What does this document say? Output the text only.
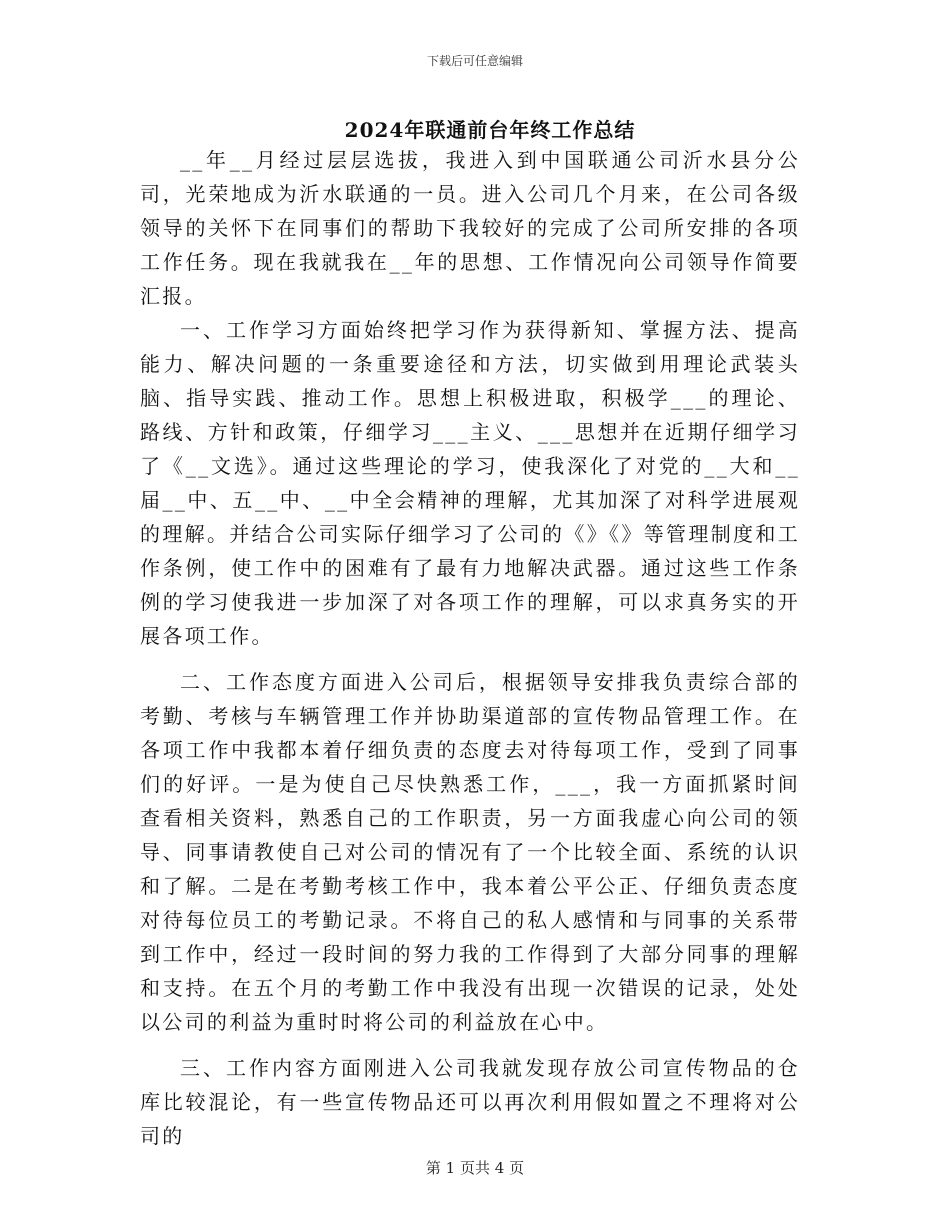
下载后可任意编辑
2024年联通前台年终工作总结

__年__月经过层层选拔，我进入到中国联通公司沂水县分公司，光荣地成为沂水联通的一员。进入公司几个月来，在公司各级领导的关怀下在同事们的帮助下我较好的完成了公司所安排的各项工作任务。现在我就我在__年的思想、工作情况向公司领导作简要汇报。

一、工作学习方面始终把学习作为获得新知、掌握方法、提高能力、解决问题的一条重要途径和方法，切实做到用理论武装头脑、指导实践、推动工作。思想上积极进取，积极学___的理论、路线、方针和政策，仔细学习___主义、___思想并在近期仔细学习了《__文选》。通过这些理论的学习，使我深化了对党的__大和__届__中、五__中、__中全会精神的理解，尤其加深了对科学进展观的理解。并结合公司实际仔细学习了公司的《》《》等管理制度和工作条例，使工作中的困难有了最有力地解决武器。通过这些工作条例的学习使我进一步加深了对各项工作的理解，可以求真务实的开展各项工作。

二、工作态度方面进入公司后，根据领导安排我负责综合部的考勤、考核与车辆管理工作并协助渠道部的宣传物品管理工作。在各项工作中我都本着仔细负责的态度去对待每项工作，受到了同事们的好评。一是为使自己尽快熟悉工作，___，我一方面抓紧时间查看相关资料，熟悉自己的工作职责，另一方面我虚心向公司的领导、同事请教使自己对公司的情况有了一个比较全面、系统的认识和了解。二是在考勤考核工作中，我本着公平公正、仔细负责态度对待每位员工的考勤记录。不将自己的私人感情和与同事的关系带到工作中，经过一段时间的努力我的工作得到了大部分同事的理解和支持。在五个月的考勤工作中我没有出现一次错误的记录，处处以公司的利益为重时时将公司的利益放在心中。

三、工作内容方面刚进入公司我就发现存放公司宣传物品的仓库比较混论，有一些宣传物品还可以再次利用假如置之不理将对公司的

第 1 页共 4 页
